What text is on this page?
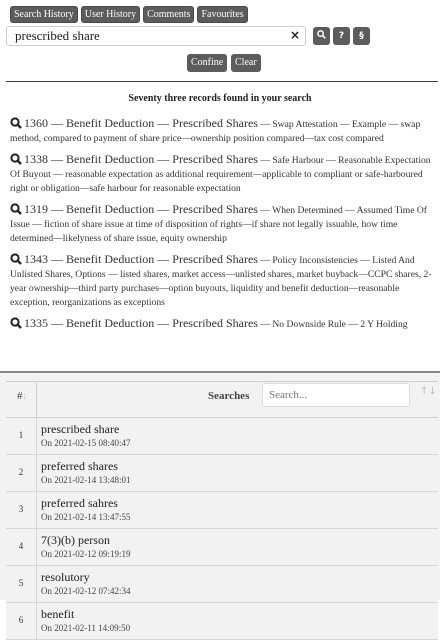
Search History	User History	Comments	Favourites
prescribed share
×	?	§
Confine	Clear
Seventy three records found in your search
1360 — Benefit Deduction — Prescribed Shares — Swap Attestation — Example — swap method, compared to payment of share price—ownership position compared—tax cost compared
1338 — Benefit Deduction — Prescribed Shares — Safe Harbour — Reasonable Expectation Of Buyout — reasonable expectation as additional requirement—applicable to compliant or safe-harboured right or obligation—safe harbour for reasonable expectation
1319 — Benefit Deduction — Prescribed Shares — When Determined — Assumed Time Of Issue — fiction of share issue at time of disposition of rights—if share not legally issuable, how time determined—likelyness of share issue, equity ownership
1343 — Benefit Deduction — Prescribed Shares — Policy Inconsistencies — Listed And Unlisted Shares, Options — listed shares, market access—unlisted shares, market buyback—CCPC shares, 2-year ownership—third party purchases—option buyouts, liquidity and benefit deduction—reasonable exception, reorganizations as exceptions
1335 — Benefit Deduction — Prescribed Shares — No Downside Rule — 2 Y Holding
#↓	Searches
Search...	↑↓
1	prescribed share
On 2021-02-15 08:40:47
2	preferred shares
On 2021-02-14 13:48:01
3	preferred sahres
On 2021-02-14 13:47:55
4	7(3)(b) person
On 2021-02-12 09:19:19
5	resolutory
On 2021-02-12 07:42:34
6	benefit
On 2021-02-11 14:09:50
